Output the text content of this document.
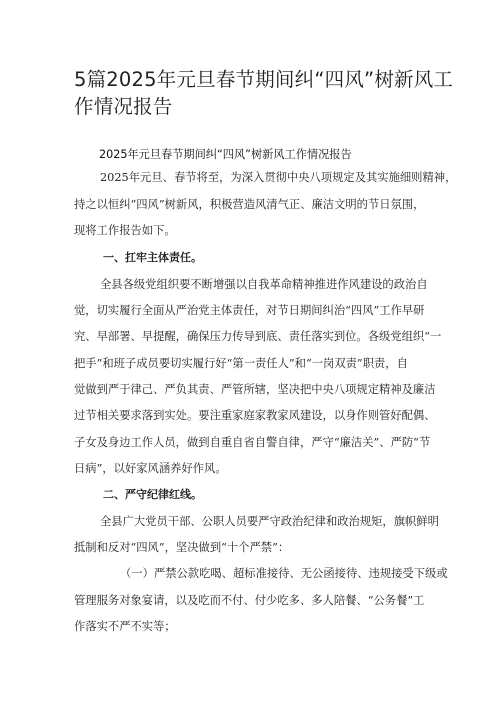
5篇2025年元旦春节期间纠“四风”树新风工
作情况报告
2025年元旦春节期间纠“四风”树新风工作情况报告
2025年元旦、春节将至，为深入贯彻中央八项规定及其实施细则精神，
持之以恒纠“四风”树新风，积极营造风清气正、廉洁文明的节日氛围，
现将工作报告如下。
一、扛牢主体责任。
全县各级党组织要不断增强以自我革命精神推进作风建设的政治自
觉，切实履行全面从严治党主体责任，对节日期间纠治“四风”工作早研
究、早部署、早提醒，确保压力传导到底、责任落实到位。各级党组织“一
把手”和班子成员要切实履行好“第一责任人”和“一岗双责”职责，自
觉做到严于律己、严负其责、严管所辖，坚决把中央八项规定精神及廉洁
过节相关要求落到实处。要注重家庭家教家风建设，以身作则管好配偶、
子女及身边工作人员，做到自重自省自警自律，严守“廉洁关”、严防“节
日病”，以好家风涵养好作风。
二、严守纪律红线。
全县广大党员干部、公职人员要严守政治纪律和政治规矩，旗帜鲜明
抵制和反对“四风”，坚决做到“十个严禁”：
（一）严禁公款吃喝、超标准接待、无公函接待、违规接受下级或
管理服务对象宴请，以及吃而不付、付少吃多、多人陪餐、“公务餐”工
作落实不严不实等；
